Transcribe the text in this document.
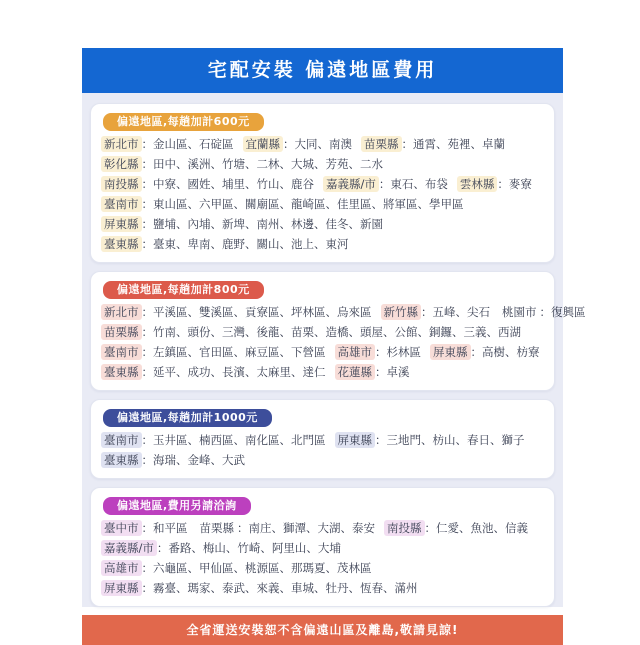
宅配安裝 偏遠地區費用
偏遠地區,每趟加計600元
新北市 ：金山區、石碇區 宜蘭縣 ：大同、南澳 苗栗縣 ：通霄、苑裡、卓蘭
彰化縣 ：田中、溪洲、竹塘、二林、大城、芳苑、二水
南投縣 ：中寮、國姓、埔里、竹山、鹿谷 嘉義縣/市 ：東石、布袋 雲林縣 ：麥寮
臺南市 ：東山區、六甲區、關廟區、龍崎區、佳里區、將軍區、學甲區
屏東縣 ：鹽埔、內埔、新埤、南州、林邊、佳冬、新園
臺東縣 ：臺東、卑南、鹿野、關山、池上、東河
偏遠地區,每趟加計800元
新北市 ：平溪區、雙溪區、貢寮區、坪林區、烏來區 新竹縣 ：五峰、尖石 桃園市 ：復興區
苗栗縣 ：竹南、頭份、三灣、後龍、苗栗、造橋、頭屋、公館、銅鑼、三義、西湖
臺南市 ：左鎮區、官田區、麻豆區、下營區 高雄市 ：杉林區 屏東縣 ：高樹、枋寮
臺東縣 ：延平、成功、長濱、太麻里、達仁 花蓮縣 ：卓溪
偏遠地區,每趟加計1000元
臺南市 ：玉井區、楠西區、南化區、北門區 屏東縣 ：三地門、枋山、春日、獅子
臺東縣 ：海瑞、金峰、大武
偏遠地區,費用另請洽詢
臺中市 ：和平區 苗栗縣 ：南庄、獅潭、大湖、泰安 南投縣 ：仁愛、魚池、信義
嘉義縣/市 ：番路、梅山、竹崎、阿里山、大埔
高雄市 ：六龜區、甲仙區、桃源區、那瑪夏、茂林區
屏東縣 ：霧臺、瑪家、泰武、來義、車城、牡丹、恆春、滿州
全省運送安裝恕不含偏遠山區及離島,敬請見諒!
